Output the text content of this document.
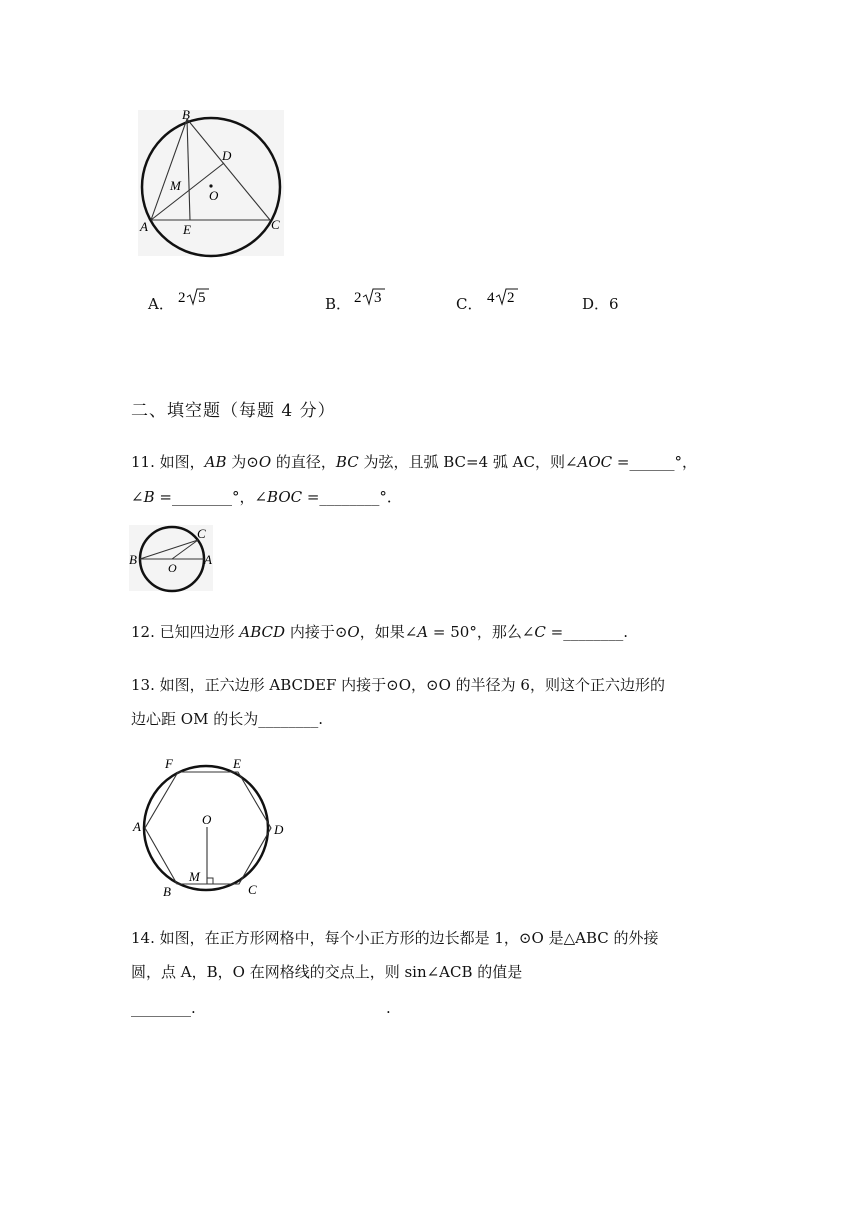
B
D
M
O
A	E	C
A． 2 5	B． 2 3	C． 4 2	D．6
二、填空题（每题 4 分）
11. 如图，AB 为⊙O 的直径，BC 为弦，且弧 BC=4 弧 AC，则∠AOC =______°，
∠B =________°，∠BOC =________°．
C
B
O
A
12. 已知四边形 ABCD 内接于⊙O，如果∠A = 50°，那么∠C =________.
13. 如图，正六边形 ABCDEF 内接于⊙O，⊙O 的半径为 6，则这个正六边形的
边心距 OM 的长为________.
F	E
A	D
O
M
B	C
14. 如图，在正方形网格中，每个小正方形的边长都是 1，⊙O 是△ABC 的外接
圆，点 A，B，O 在网格线的交点上，则 sin∠ACB 的值是
________.	.
